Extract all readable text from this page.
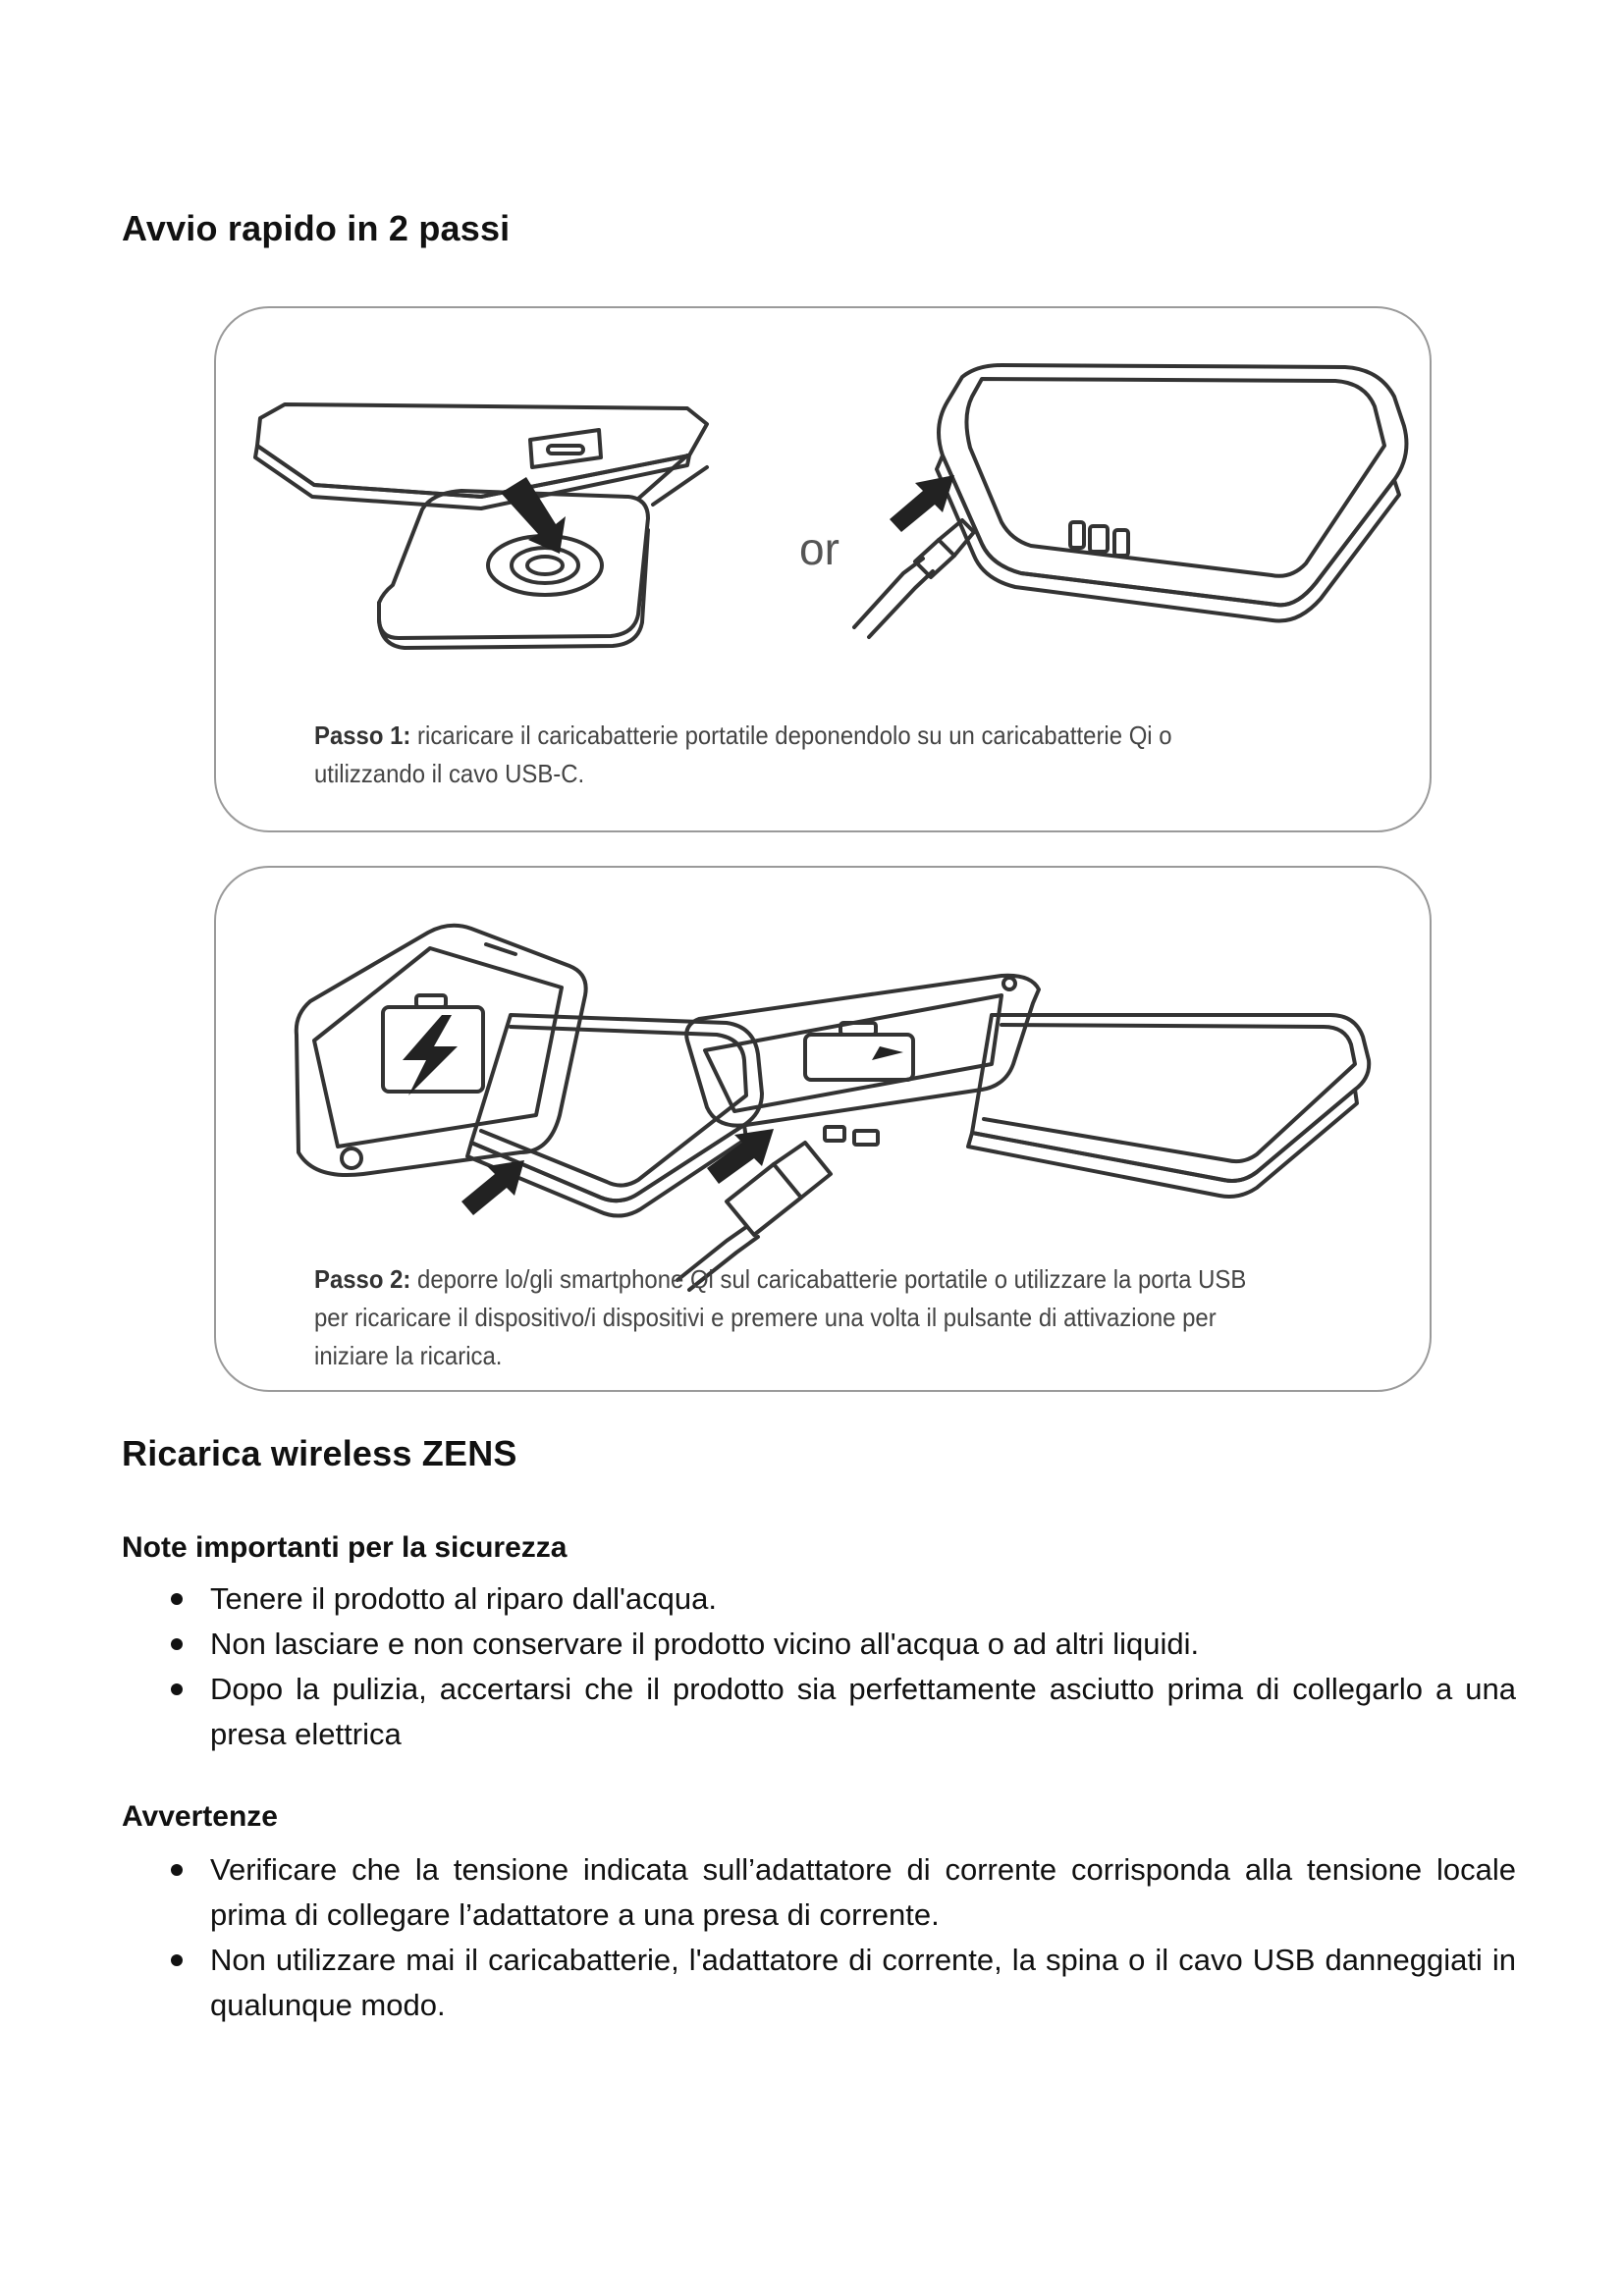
Avvio rapido in 2 passi
or
Passo 1: ricaricare il caricabatterie portatile deponendolo su un caricabatterie Qi o
utilizzando il cavo USB-C.
Passo 2: deporre lo/gli smartphone Qi sul caricabatterie portatile o utilizzare la porta USB
per ricaricare il dispositivo/i dispositivi e premere una volta il pulsante di attivazione per
iniziare la ricarica.
Ricarica wireless ZENS
Note importanti per la sicurezza
Tenere il prodotto al riparo dall'acqua.
Non lasciare e non conservare il prodotto vicino all'acqua o ad altri liquidi.
Dopo la pulizia, accertarsi che il prodotto sia perfettamente asciutto prima di collegarlo a una presa elettrica
Avvertenze
Verificare che la tensione indicata sull’adattatore di corrente corrisponda alla tensione locale prima di collegare l’adattatore a una presa di corrente.
Non utilizzare mai il caricabatterie, l'adattatore di corrente, la spina o il cavo USB danneggiati in qualunque modo.
